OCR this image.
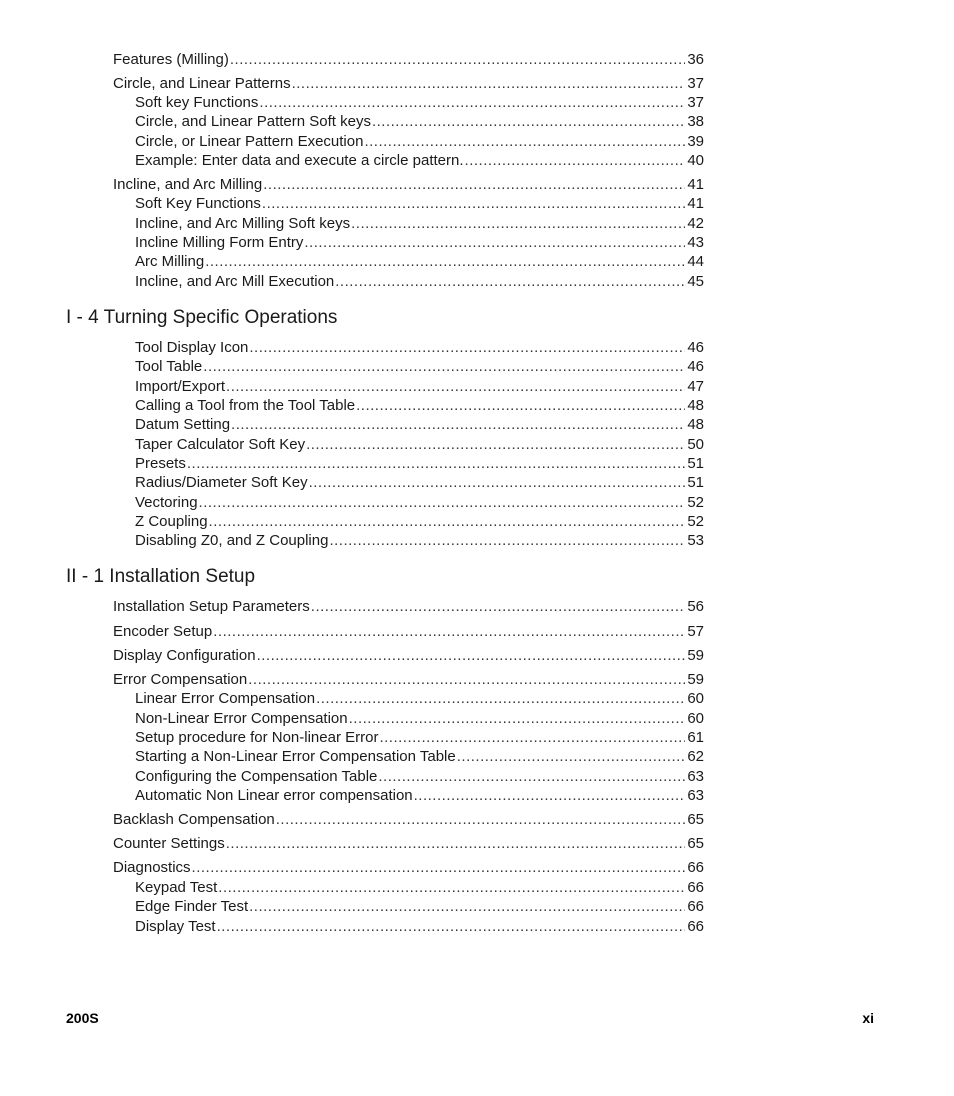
Features (Milling) .....	36
Circle, and Linear Patterns .....	37
Soft key Functions .....	37
Circle, and Linear Pattern Soft keys .....	38
Circle, or Linear Pattern Execution .....	39
Example: Enter data and execute a circle pattern. .....	40
Incline, and Arc Milling .....	41
Soft Key Functions .....	41
Incline, and Arc Milling Soft keys .....	42
Incline Milling Form Entry .....	43
Arc Milling .....	44
Incline, and Arc Mill Execution .....	45
I - 4 Turning Specific Operations
Tool Display Icon .....	46
Tool Table .....	46
Import/Export .....	47
Calling a Tool from the Tool Table .....	48
Datum Setting .....	48
Taper Calculator Soft Key .....	50
Presets .....	51
Radius/Diameter Soft Key .....	51
Vectoring .....	52
Z Coupling .....	52
Disabling Z0, and Z Coupling .....	53
II - 1 Installation Setup
Installation Setup Parameters .....	56
Encoder Setup .....	57
Display Configuration .....	59
Error Compensation .....	59
Linear Error Compensation .....	60
Non-Linear Error Compensation .....	60
Setup procedure for Non-linear Error .....	61
Starting a Non-Linear Error Compensation Table .....	62
Configuring the Compensation Table .....	63
Automatic Non Linear error compensation .....	63
Backlash Compensation .....	65
Counter Settings .....	65
Diagnostics .....	66
Keypad Test .....	66
Edge Finder Test .....	66
Display Test .....	66
200S	xi
